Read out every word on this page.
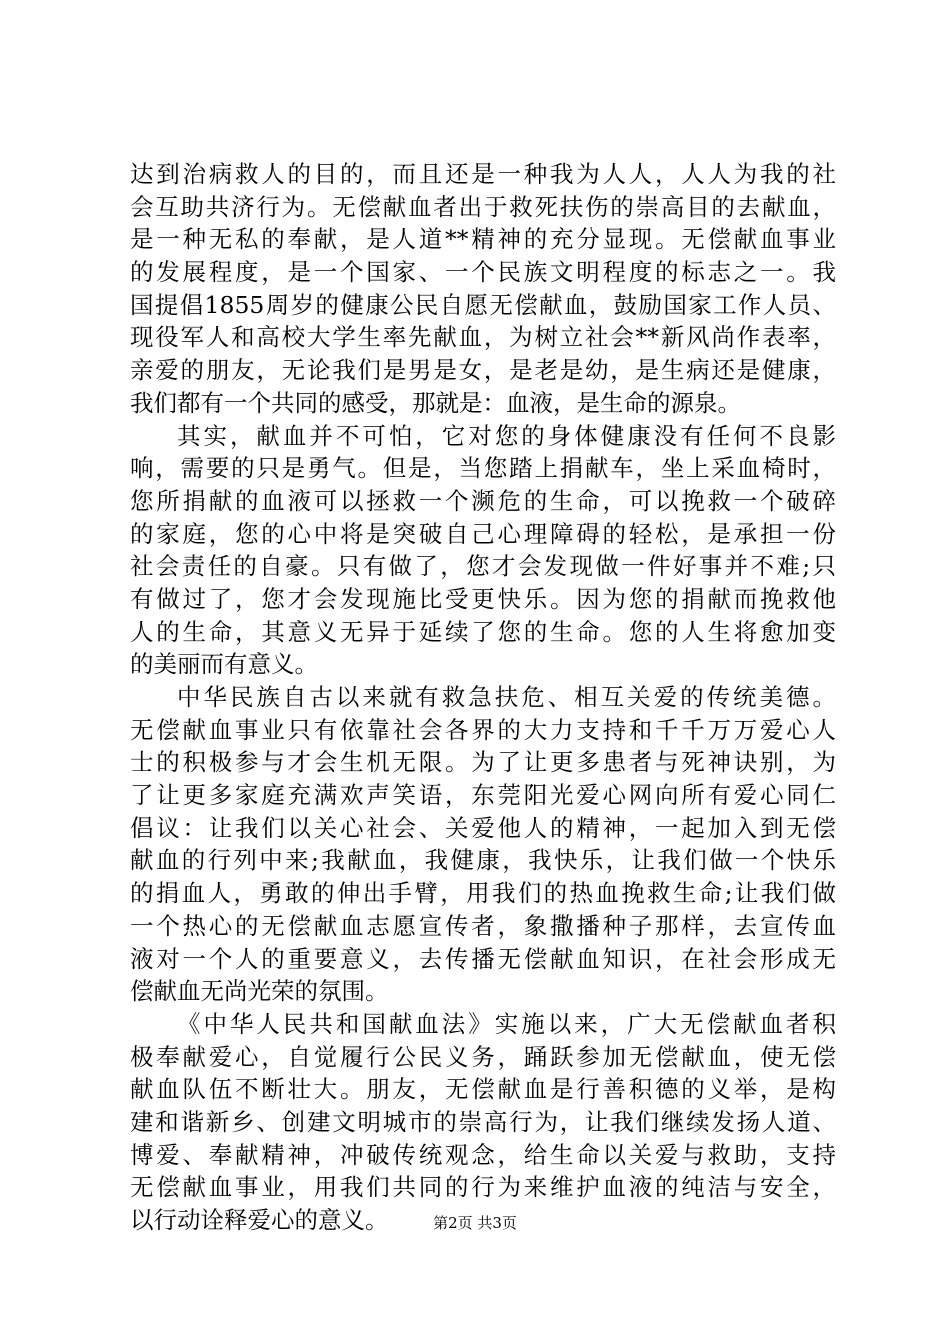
达到治病救人的目的，而且还是一种我为人人，人人为我的社
会互助共济行为。无偿献血者出于救死扶伤的崇高目的去献血，
是一种无私的奉献，是人道**精神的充分显现。无偿献血事业
的发展程度，是一个国家、一个民族文明程度的标志之一。我
国提倡1855周岁的健康公民自愿无偿献血，鼓励国家工作人员、
现役军人和高校大学生率先献血，为树立社会**新风尚作表率，
亲爱的朋友，无论我们是男是女，是老是幼，是生病还是健康，
我们都有一个共同的感受，那就是：血液，是生命的源泉。
其实，献血并不可怕，它对您的身体健康没有任何不良影
响，需要的只是勇气。但是，当您踏上捐献车，坐上采血椅时，
您所捐献的血液可以拯救一个濒危的生命，可以挽救一个破碎
的家庭，您的心中将是突破自己心理障碍的轻松，是承担一份
社会责任的自豪。只有做了，您才会发现做一件好事并不难;只
有做过了，您才会发现施比受更快乐。因为您的捐献而挽救他
人的生命，其意义无异于延续了您的生命。您的人生将愈加变
的美丽而有意义。
中华民族自古以来就有救急扶危、相互关爱的传统美德。
无偿献血事业只有依靠社会各界的大力支持和千千万万爱心人
士的积极参与才会生机无限。为了让更多患者与死神诀别，为
了让更多家庭充满欢声笑语，东莞阳光爱心网向所有爱心同仁
倡议：让我们以关心社会、关爱他人的精神，一起加入到无偿
献血的行列中来;我献血，我健康，我快乐，让我们做一个快乐
的捐血人，勇敢的伸出手臂，用我们的热血挽救生命;让我们做
一个热心的无偿献血志愿宣传者，象撒播种子那样，去宣传血
液对一个人的重要意义，去传播无偿献血知识，在社会形成无
偿献血无尚光荣的氛围。
《中华人民共和国献血法》实施以来，广大无偿献血者积
极奉献爱心，自觉履行公民义务，踊跃参加无偿献血，使无偿
献血队伍不断壮大。朋友，无偿献血是行善积德的义举，是构
建和谐新乡、创建文明城市的崇高行为，让我们继续发扬人道、
博爱、奉献精神，冲破传统观念，给生命以关爱与救助，支持
无偿献血事业，用我们共同的行为来维护血液的纯洁与安全，
以行动诠释爱心的意义。	第2页 共3页
